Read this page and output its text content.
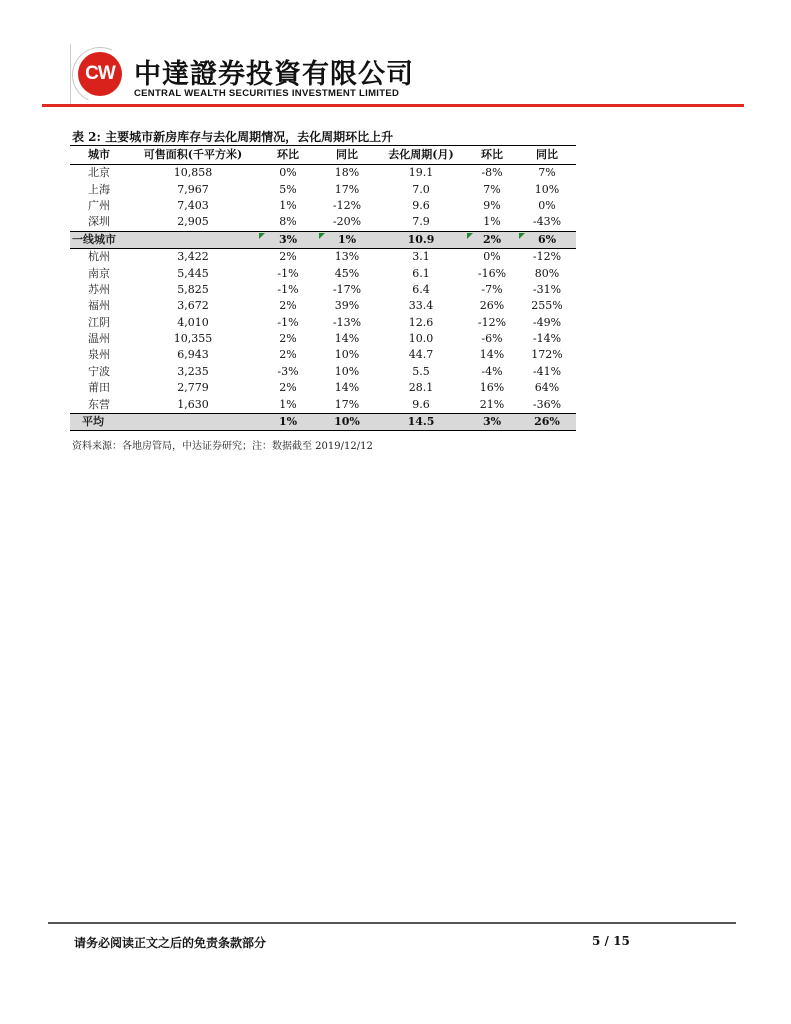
CW 中達證券投資有限公司
CENTRAL WEALTH SECURITIES INVESTMENT LIMITED
表 2: 主要城市新房库存与去化周期情况，去化周期环比上升
城市	可售面积(千平方米)	环比	同比	去化周期(月)	环比	同比
北京	10,858	0%	18%	19.1	-8%	7%
上海	7,967	5%	17%	7.0	7%	10%
广州	7,403	1%	-12%	9.6	9%	0%
深圳	2,905	8%	-20%	7.9	1%	-43%
一线城市		3%	1%	10.9	2%	6%

杭州	3,422	2%	13%	3.1	0%	-12%
南京	5,445	-1%	45%	6.1	-16%	80%
苏州	5,825	-1%	-17%	6.4	-7%	-31%
福州	3,672	2%	39%	33.4	26%	255%
江阴	4,010	-1%	-13%	12.6	-12%	-49%
温州	10,355	2%	14%	10.0	-6%	-14%
泉州	6,943	2%	10%	44.7	14%	172%
宁波	3,235	-3%	10%	5.5	-4%	-41%
莆田	2,779	2%	14%	28.1	16%	64%
东营	1,630	1%	17%	9.6	21%	-36%
平均		1%	10%	14.5	3%	26%
资料来源：各地房管局，中达证券研究；注：数据截至 2019/12/12
请务必阅读正文之后的免责条款部分	5 / 15
